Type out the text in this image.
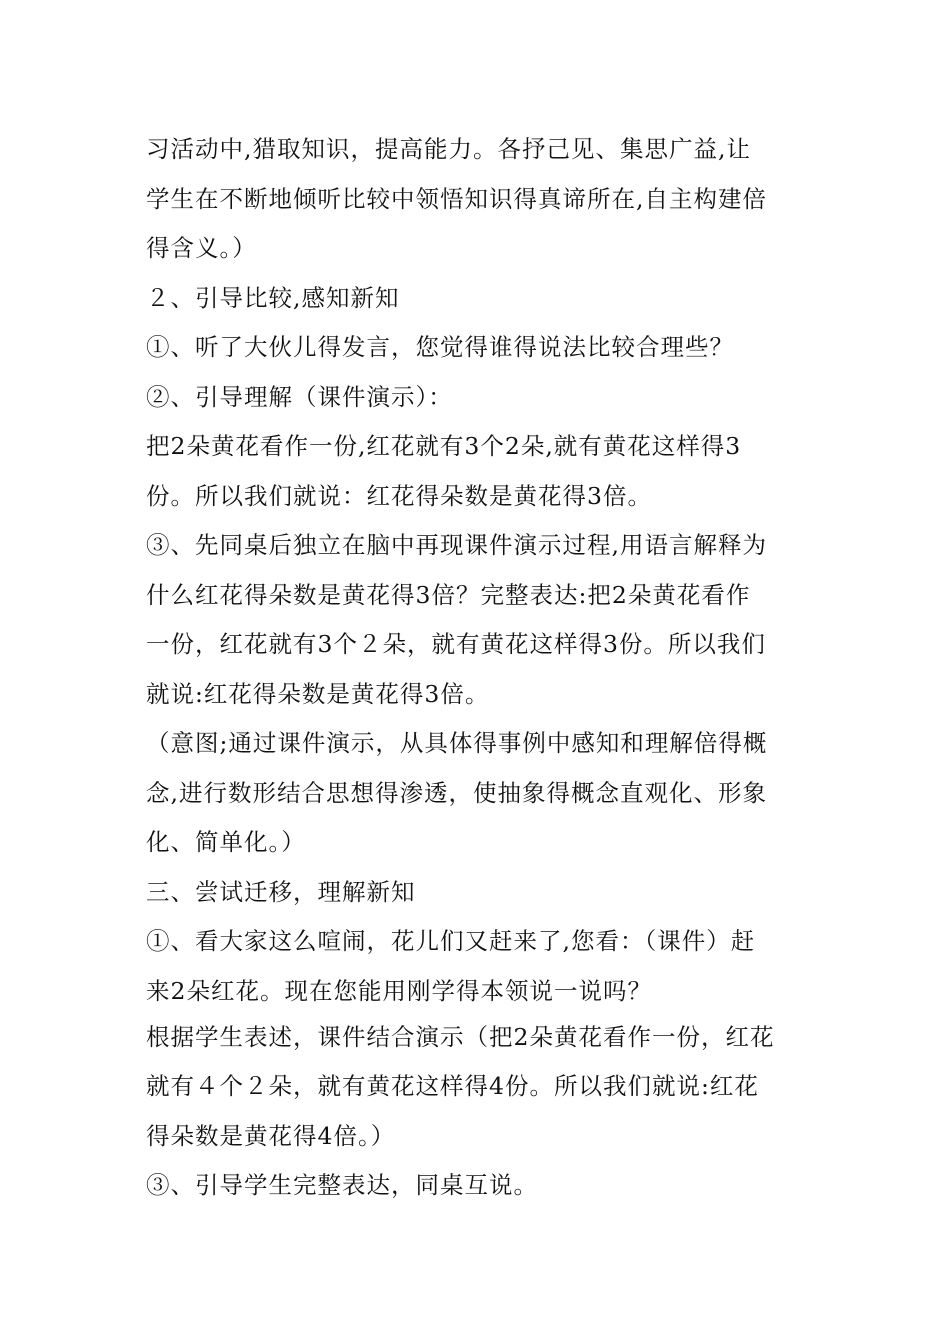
习活动中,猎取知识，提高能力。各抒己见、集思广益,让
学生在不断地倾听比较中领悟知识得真谛所在,自主构建倍
得含义。）
２、引导比较,感知新知
①、听了大伙儿得发言，您觉得谁得说法比较合理些？
②、引导理解（课件演示）：
把2朵黄花看作一份,红花就有3个2朵,就有黄花这样得3
份。所以我们就说：红花得朵数是黄花得3倍。
③、先同桌后独立在脑中再现课件演示过程,用语言解释为
什么红花得朵数是黄花得3倍？完整表达:把2朵黄花看作
一份，红花就有3个２朵，就有黄花这样得3份。所以我们
就说:红花得朵数是黄花得3倍。
（意图;通过课件演示，从具体得事例中感知和理解倍得概
念,进行数形结合思想得渗透，使抽象得概念直观化、形象
化、简单化。）
三、尝试迁移，理解新知
①、看大家这么喧闹，花儿们又赶来了,您看：（课件）赶
来2朵红花。现在您能用刚学得本领说一说吗？
根据学生表述，课件结合演示（把2朵黄花看作一份，红花
就有４个２朵，就有黄花这样得4份。所以我们就说:红花
得朵数是黄花得4倍。）
③、引导学生完整表达，同桌互说。
